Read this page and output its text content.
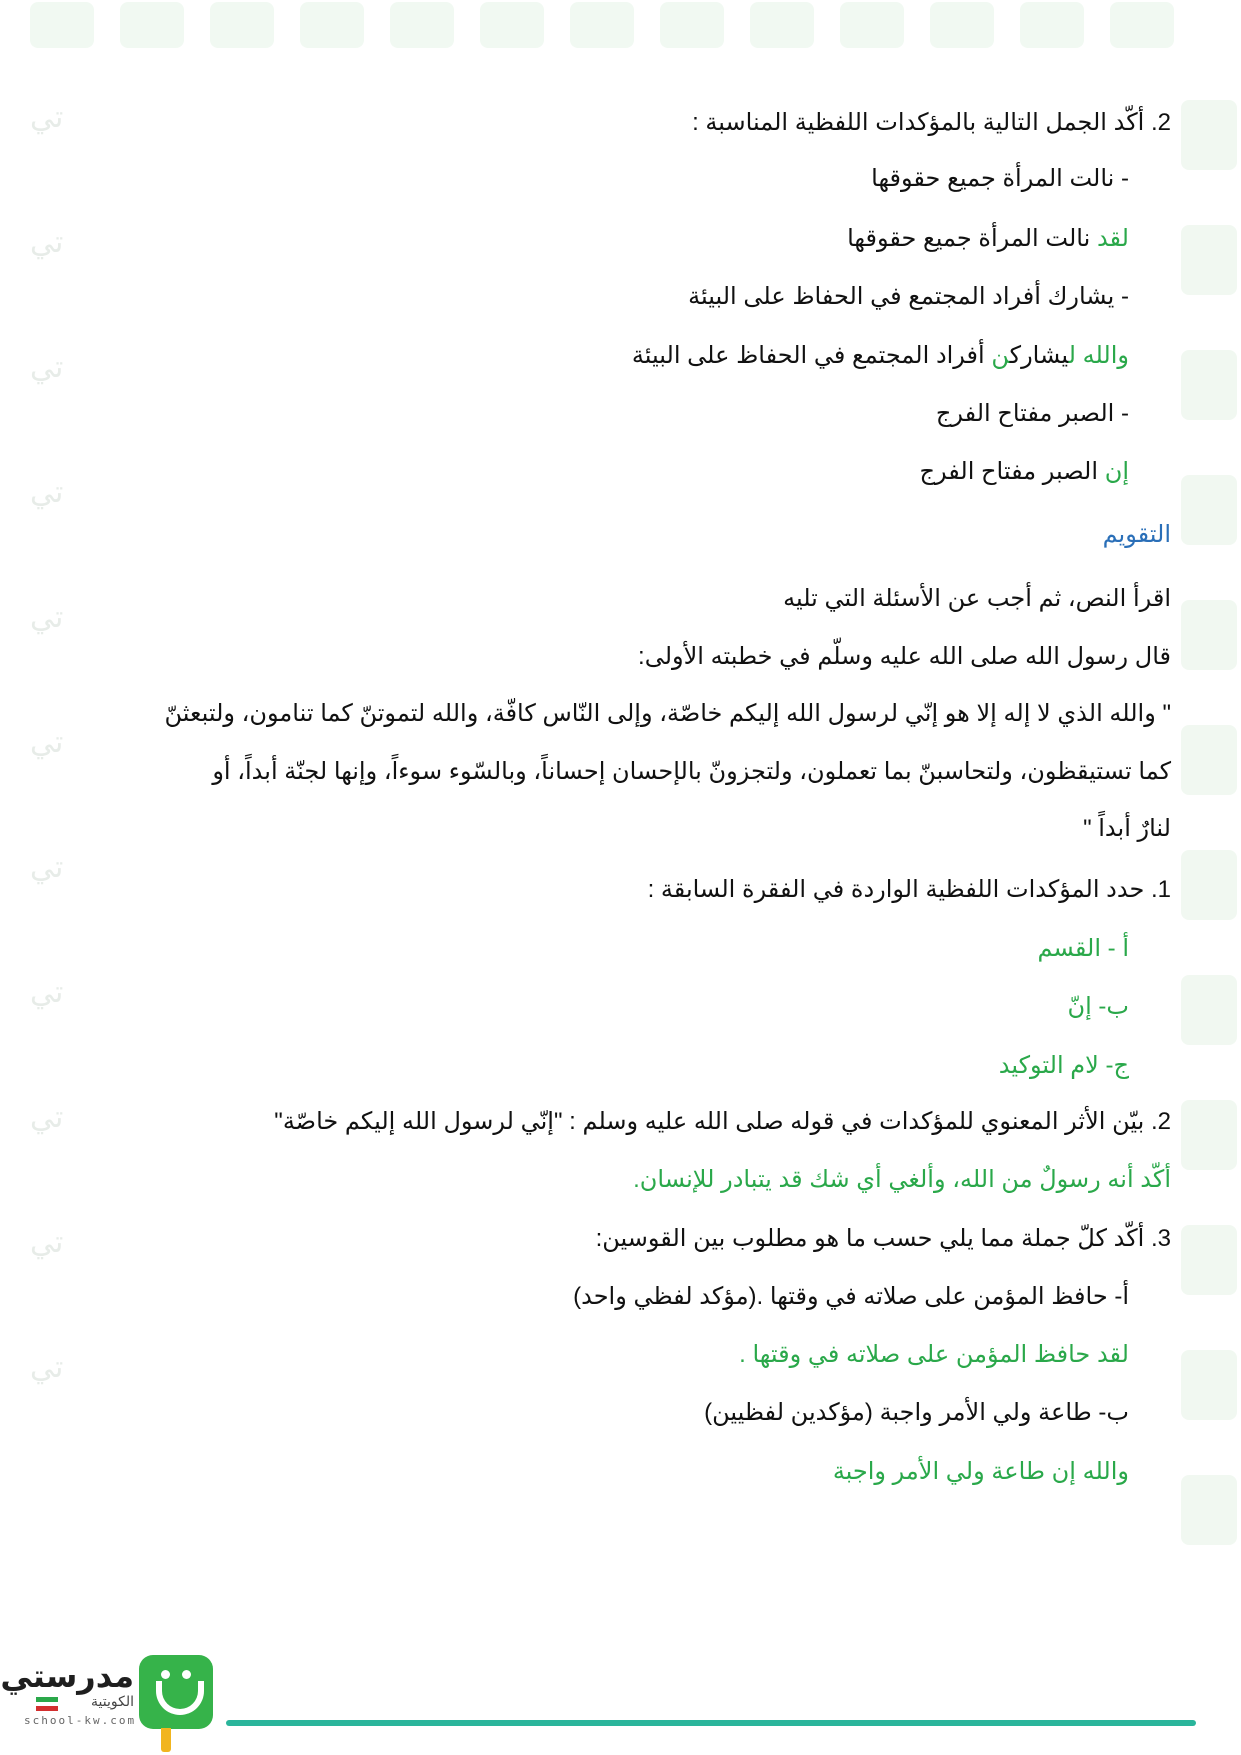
ﺗﻲ
ﺗﻲ
ﺗﻲ
ﺗﻲ
ﺗﻲ
ﺗﻲ
ﺗﻲ
ﺗﻲ
ﺗﻲ
ﺗﻲ
ﺗﻲ
2. أكّد الجمل التالية بالمؤكدات اللفظية المناسبة :
- نالت المرأة جميع حقوقها
لقد نالت المرأة جميع حقوقها
- يشارك أفراد المجتمع في الحفاظ على البيئة
والله ليشاركن أفراد المجتمع في الحفاظ على البيئة
- الصبر مفتاح الفرج
إن الصبر مفتاح الفرج
التقويم
اقرأ النص، ثم أجب عن الأسئلة التي تليه
قال رسول الله صلى الله عليه وسلّم في خطبته الأولى:
" والله الذي لا إله إلا هو إنّي لرسول الله إليكم خاصّة، وإلى النّاس كافّة، والله لتموتنّ كما تنامون، ولتبعثنّ
كما تستيقظون، ولتحاسبنّ بما تعملون، ولتجزونّ بالإحسان إحساناً، وبالسّوء سوءاً، وإنها لجنّة أبداً، أو
لنارٌ أبداً "
1. حدد المؤكدات اللفظية الواردة في الفقرة السابقة :
أ - القسم
ب- إنّ
ج- لام التوكيد
2. بيّن الأثر المعنوي للمؤكدات في قوله صلى الله عليه وسلم : "إنّي لرسول الله إليكم خاصّة"
أكّد أنه رسولٌ من الله، وألغي أي شك قد يتبادر للإنسان.
3. أكّد كلّ جملة مما يلي حسب ما هو مطلوب بين القوسين:
أ- حافظ المؤمن على صلاته في وقتها .(مؤكد لفظي واحد)
لقد حافظ المؤمن على صلاته في وقتها .
ب- طاعة ولي الأمر واجبة (مؤكدين لفظيين)
والله إن طاعة ولي الأمر واجبة
مدرستي
الكويتية
school-kw.com
